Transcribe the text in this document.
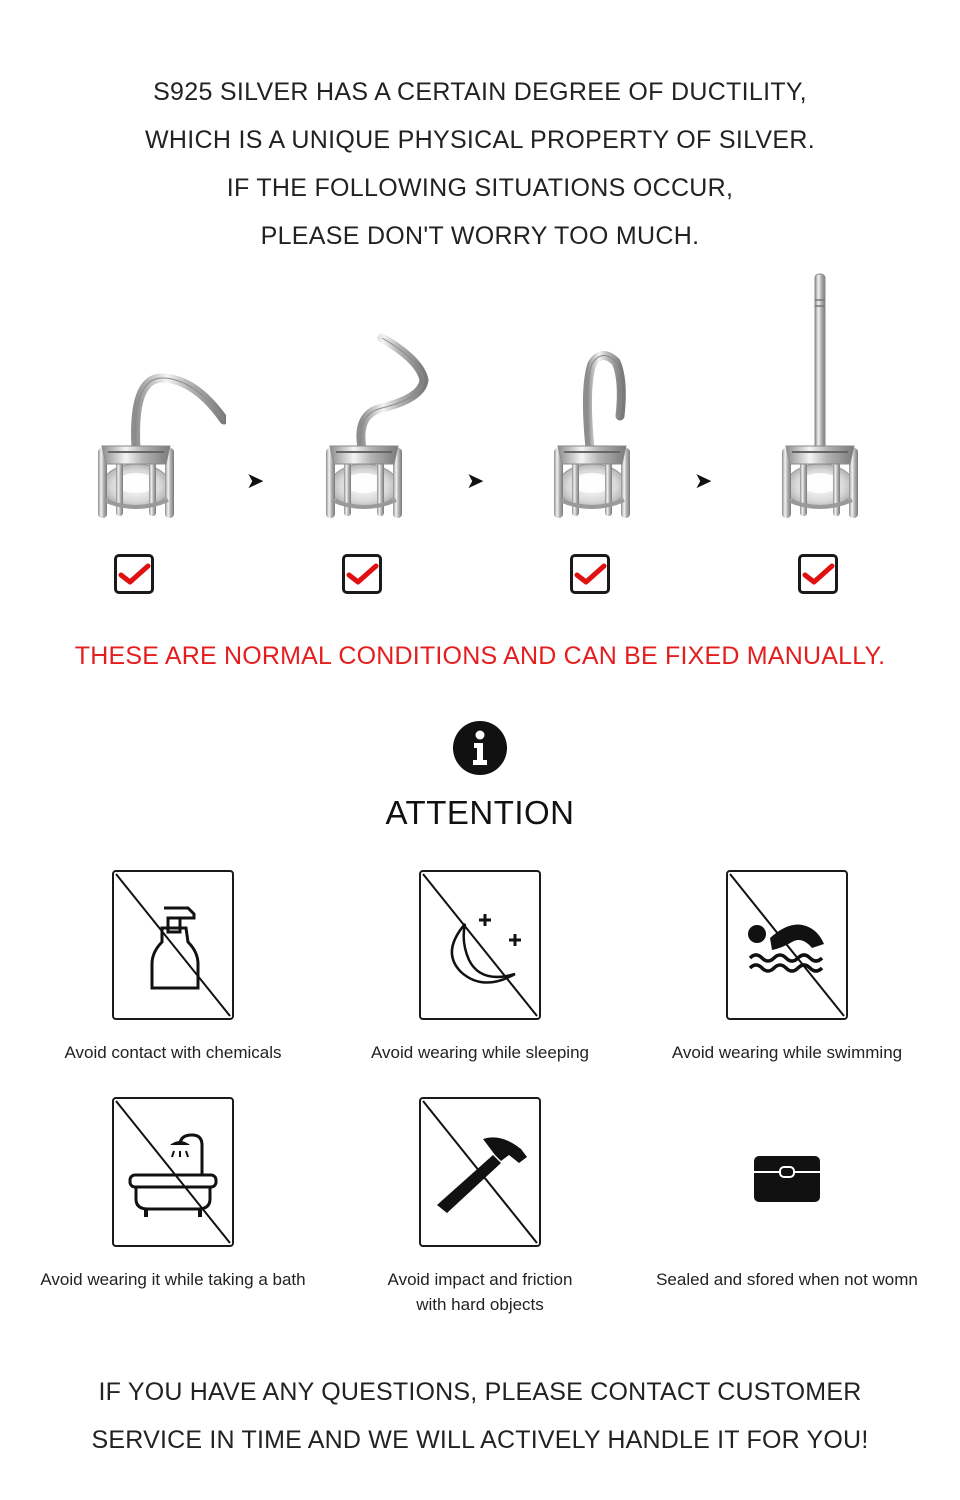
S925 SILVER HAS A CERTAIN DEGREE OF DUCTILITY,

WHICH IS A UNIQUE PHYSICAL PROPERTY OF SILVER.

IF THE FOLLOWING SITUATIONS OCCUR,

PLEASE DON'T WORRY TOO MUCH.

➤	➤	➤
THESE ARE NORMAL CONDITIONS AND CAN BE FIXED MANUALLY.
ATTENTION
Avoid contact with chemicals	Avoid wearing while sleeping	Avoid wearing while swimming
Avoid wearing it while taking a bath	Avoid impact and friction
with hard objects
Sealed and sfored when not womn

IF YOU HAVE ANY QUESTIONS, PLEASE CONTACT CUSTOMER

SERVICE IN TIME AND WE WILL ACTIVELY HANDLE IT FOR YOU!
